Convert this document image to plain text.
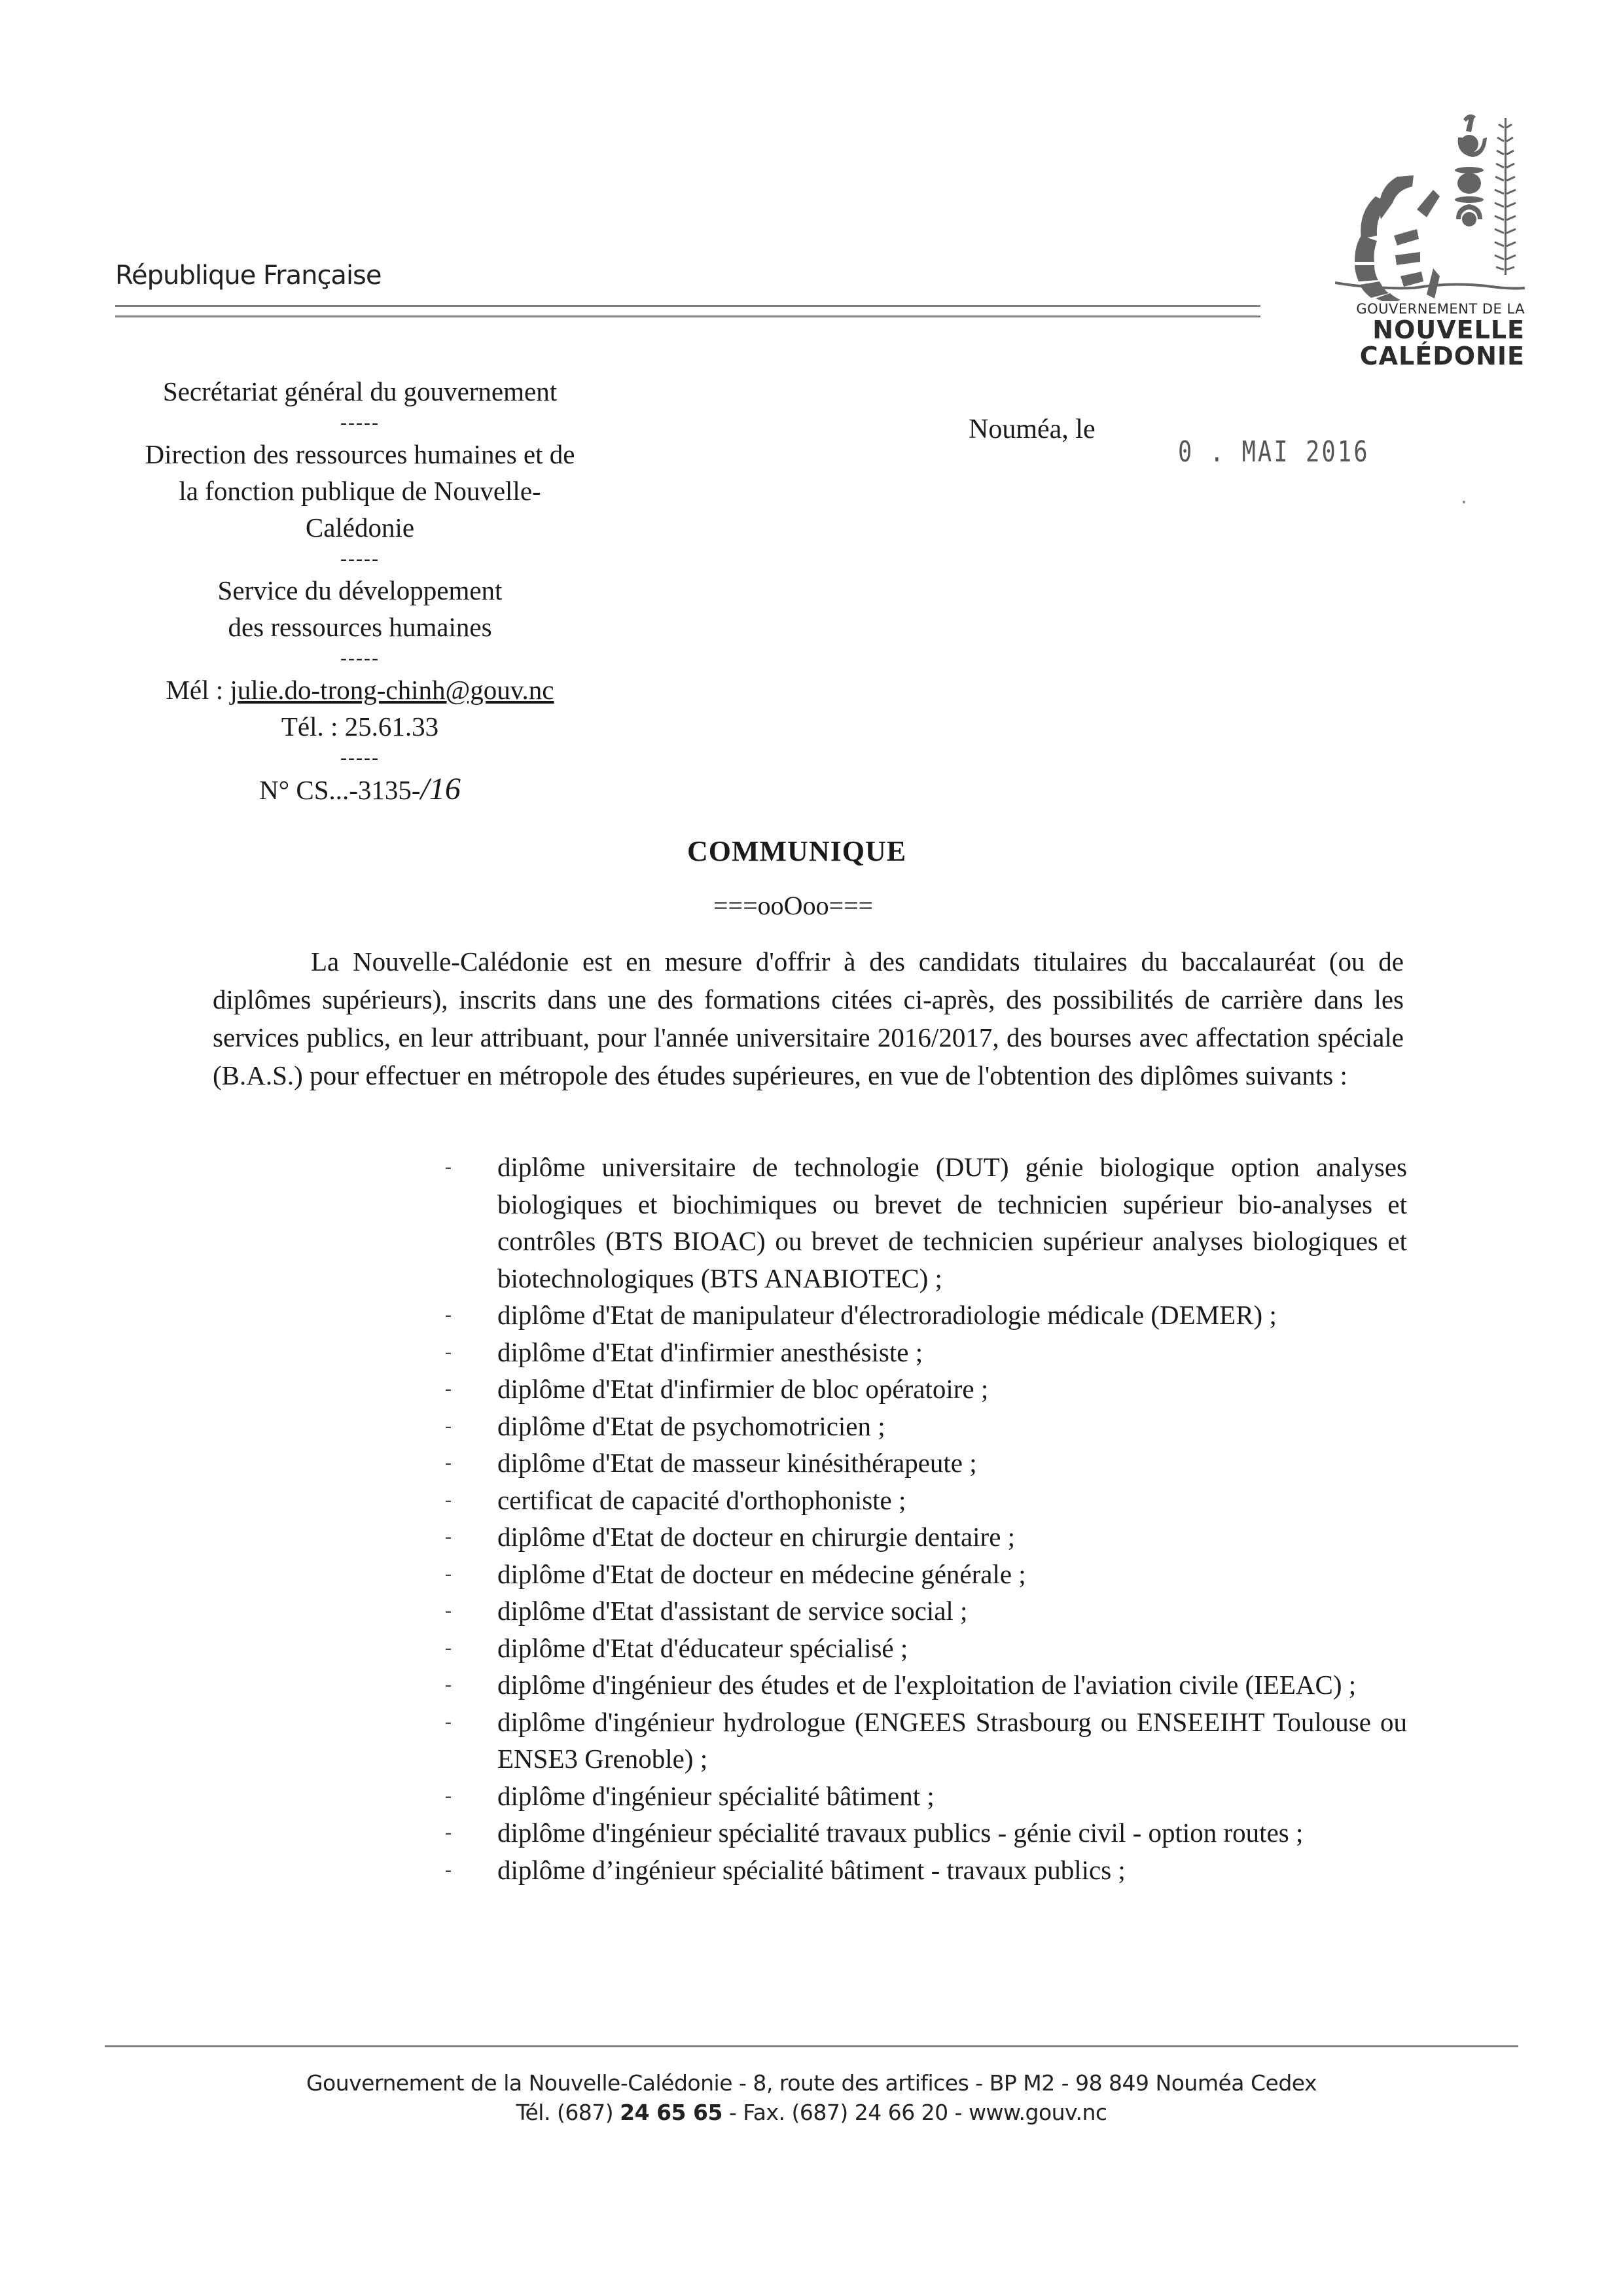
République Française
GOUVERNEMENT DE LA
NOUVELLE
CALÉDONIE
Secrétariat général du gouvernement
-----
Direction des ressources humaines et de
la fonction publique de Nouvelle-
Calédonie
-----
Service du développement
des ressources humaines
-----
Mél : julie.do-trong-chinh@gouv.nc
Tél. : 25.61.33
-----
N° CS...-3135-/16
Nouméa, le
0 . MAI 2016
COMMUNIQUE
===ooOoo===

La Nouvelle-Calédonie est en mesure d'offrir à des candidats titulaires du baccalauréat (ou de diplômes supérieurs), inscrits dans une des formations citées ci-après, des possibilités de carrière dans les services publics, en leur attribuant, pour l'année universitaire 2016/2017, des bourses avec affectation spéciale (B.A.S.) pour effectuer en métropole des études supérieures, en vue de l'obtention des diplômes suivants :

- diplôme universitaire de technologie (DUT) génie biologique option analyses biologiques et biochimiques ou brevet de technicien supérieur bio-analyses et contrôles (BTS BIOAC) ou brevet de technicien supérieur analyses biologiques et biotechnologiques (BTS ANABIOTEC) ;
- diplôme d'Etat de manipulateur d'électroradiologie médicale (DEMER) ;
- diplôme d'Etat d'infirmier anesthésiste ;
- diplôme d'Etat d'infirmier de bloc opératoire ;
- diplôme d'Etat de psychomotricien ;
- diplôme d'Etat de masseur kinésithérapeute ;
- certificat de capacité d'orthophoniste ;
- diplôme d'Etat de docteur en chirurgie dentaire ;
- diplôme d'Etat de docteur en médecine générale ;
- diplôme d'Etat d'assistant de service social ;
- diplôme d'Etat d'éducateur spécialisé ;
- diplôme d'ingénieur des études et de l'exploitation de l'aviation civile (IEEAC) ;
- diplôme d'ingénieur hydrologue (ENGEES Strasbourg ou ENSEEIHT Toulouse ou ENSE3 Grenoble) ;
- diplôme d'ingénieur spécialité bâtiment ;
- diplôme d'ingénieur spécialité travaux publics - génie civil - option routes ;
- diplôme d’ingénieur spécialité bâtiment - travaux publics ;
Gouvernement de la Nouvelle-Calédonie - 8, route des artifices - BP M2 - 98 849 Nouméa Cedex
Tél. (687) 24 65 65 - Fax. (687) 24 66 20 - www.gouv.nc
